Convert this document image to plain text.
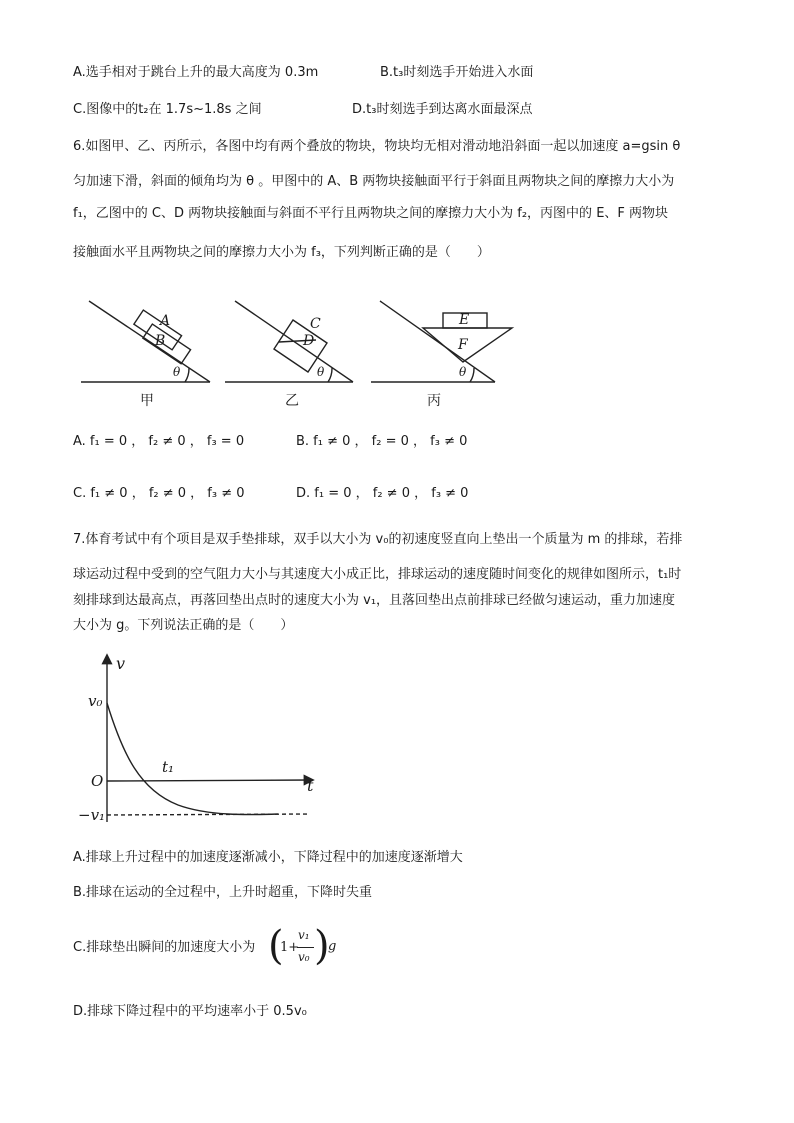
A.选手相对于跳台上升的最大高度为 0.3m	B.t₃时刻选手开始进入水面
C.图像中的t₂在 1.7s~1.8s 之间	D.t₃时刻选手到达离水面最深点
6.如图甲、乙、丙所示，各图中均有两个叠放的物块，物块均无相对滑动地沿斜面一起以加速度 a=gsin θ
匀加速下滑，斜面的倾角均为 θ 。甲图中的 A、B 两物块接触面平行于斜面且两物块之间的摩擦力大小为
f₁，乙图中的 C、D 两物块接触面与斜面不平行且两物块之间的摩擦力大小为 f₂，丙图中的 E、F 两物块
接触面水平且两物块之间的摩擦力大小为 f₃，下列判断正确的是（　　）
A
B
C
D
E
F
θ	θ	θ
甲	乙	丙
A. f₁ = 0 ， f₂ ≠ 0 ， f₃ = 0	B. f₁ ≠ 0 ， f₂ = 0 ， f₃ ≠ 0
C. f₁ ≠ 0 ， f₂ ≠ 0 ， f₃ ≠ 0	D. f₁ = 0 ， f₂ ≠ 0 ， f₃ ≠ 0
7.体育考试中有个项目是双手垫排球，双手以大小为 v₀的初速度竖直向上垫出一个质量为 m 的排球，若排
球运动过程中受到的空气阻力大小与其速度大小成正比，排球运动的速度随时间变化的规律如图所示，t₁时
刻排球到达最高点，再落回垫出点时的速度大小为 v₁，且落回垫出点前排球已经做匀速运动，重力加速度
大小为 g。下列说法正确的是（　　）
v
t
v₀
O
t₁
−v₁
A.排球上升过程中的加速度逐渐减小，下降过程中的加速度逐渐增大
B.排球在运动的全过程中，上升时超重，下降时失重
C.排球垫出瞬间的加速度大小为 (
1+
v₁
v₀ )
g
D.排球下降过程中的平均速率小于 0.5v₀
